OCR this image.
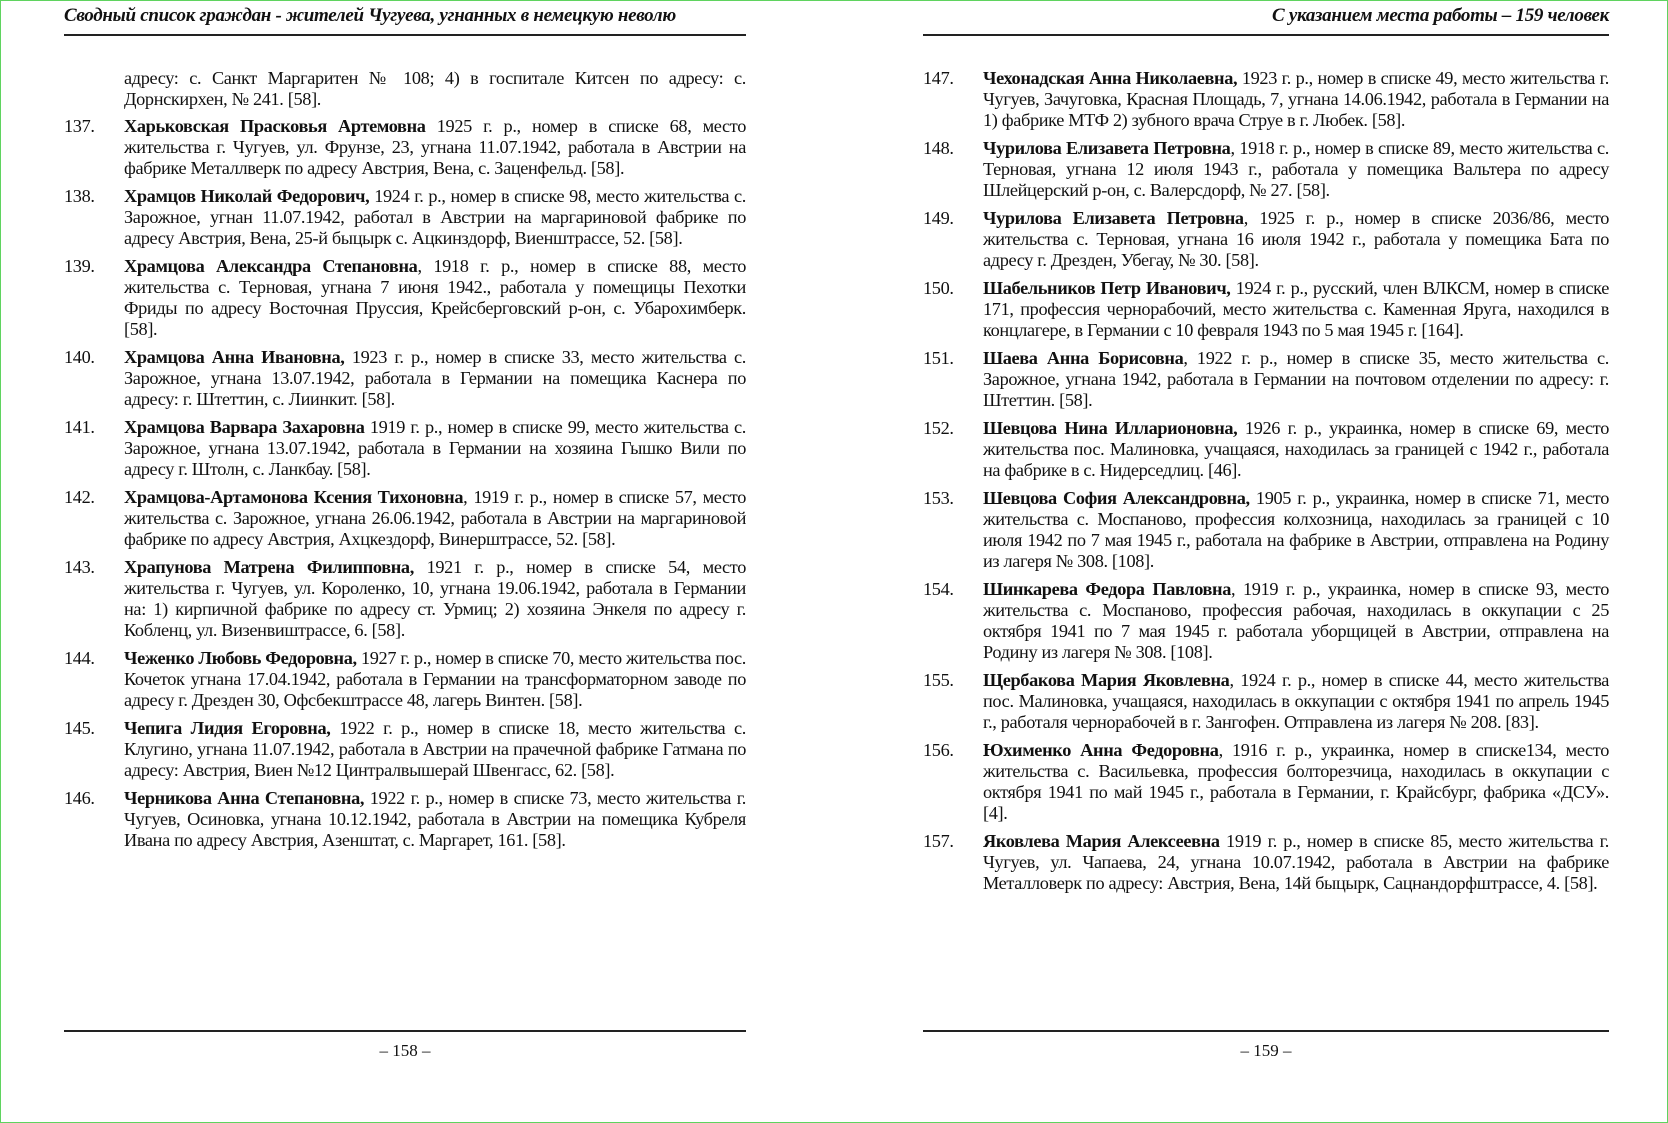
Сводный список граждан - жителей Чугуева, угнанных в немецкую неволю
адресу: с. Санкт Маргаритен № 108; 4) в госпитале Китсен по адресу: с. Дорнскирхен, № 241. [58].
137.	Харьковская Прасковья Артемовна 1925 г. р., номер в списке 68, место жительства г. Чугуев, ул. Фрунзе, 23, угнана 11.07.1942, работала в Австрии на фабрике Металлверк по адресу Австрия, Вена, с. Заценфельд. [58].
138.	Храмцов Николай Федорович, 1924 г. р., номер в списке 98, место жительства с. Зарожное, угнан 11.07.1942, работал в Австрии на маргариновой фабрике по адресу Австрия, Вена, 25-й быцырк с. Ацкинздорф, Виенштрассе, 52. [58].
139.	Храмцова Александра Степановна, 1918 г. р., номер в списке 88, место жительства с. Терновая, угнана 7 июня 1942., работала у помещицы Пехотки Фриды по адресу Восточная Пруссия, Крейсберговский р-он, с. Убарохимберк. [58].
140.	Храмцова Анна Ивановна, 1923 г. р., номер в списке 33, место жительства с. Зарожное, угнана 13.07.1942, работала в Германии на помещика Каснера по адресу: г. Штеттин, с. Лиинкит. [58].
141.	Храмцова Варвара Захаровна 1919 г. р., номер в списке 99, место жительства с. Зарожное, угнана 13.07.1942, работала в Германии на хозяина Гышко Вили по адресу г. Штолн, с. Ланкбау. [58].
142.	Храмцова-Артамонова Ксения Тихоновна, 1919 г. р., номер в списке 57, место жительства с. Зарожное, угнана 26.06.1942, работала в Австрии на маргариновой фабрике по адресу Австрия, Ахцкездорф, Винерштрассе, 52. [58].
143.	Храпунова Матрена Филипповна, 1921 г. р., номер в списке 54, место жительства г. Чугуев, ул. Короленко, 10, угнана 19.06.1942, работала в Германии на: 1) кирпичной фабрике по адресу ст. Урмиц; 2) хозяина Энкеля по адресу г. Кобленц, ул. Визенвиштрассе, 6. [58].
144.	Чеженко Любовь Федоровна, 1927 г. р., номер в списке 70, место жительства пос. Кочеток угнана 17.04.1942, работала в Германии на трансформаторном заводе по адресу г. Дрезден 30, Офсбекштрассе 48, лагерь Винтен. [58].
145.	Чепига Лидия Егоровна, 1922 г. р., номер в списке 18, место жительства с. Клугино, угнана 11.07.1942, работала в Австрии на прачечной фабрике Гатмана по адресу: Австрия, Виен №12 Цинтралвышерай Швенгасс, 62. [58].
146.	Черникова Анна Степановна, 1922 г. р., номер в списке 73, место жительства г. Чугуев, Осиновка, угнана 10.12.1942, работала в Австрии на помещика Кубреля Ивана по адресу Австрия, Азенштат, с. Маргарет, 161. [58].
– 158 –
С указанием места работы – 159 человек
147.	Чехонадская Анна Николаевна, 1923 г. р., номер в списке 49, место жительства г. Чугуев, Зачуговка, Красная Площадь, 7, угнана 14.06.1942, работала в Германии на 1) фабрике МТФ 2) зубного врача Струе в г. Любек. [58].
148.	Чурилова Елизавета Петровна, 1918 г. р., номер в списке 89, место жительства с. Терновая, угнана 12 июля 1943 г., работала у помещика Вальтера по адресу Шлейцерский р-он, с. Валерсдорф, № 27. [58].
149.	Чурилова Елизавета Петровна, 1925 г. р., номер в списке 2036/86, место жительства с. Терновая, угнана 16 июля 1942 г., работала у помещика Бата по адресу г. Дрезден, Убегау, № 30. [58].
150.	Шабельников Петр Иванович, 1924 г. р., русский, член ВЛКСМ, номер в списке 171, профессия чернорабочий, место жительства с. Каменная Яруга, находился в концлагере, в Германии с 10 февраля 1943 по 5 мая 1945 г. [164].
151.	Шаева Анна Борисовна, 1922 г. р., номер в списке 35, место жительства с. Зарожное, угнана 1942, работала в Германии на почтовом отделении по адресу: г. Штеттин. [58].
152.	Шевцова Нина Илларионовна, 1926 г. р., украинка, номер в списке 69, место жительства пос. Малиновка, учащаяся, находилась за границей с 1942 г., работала на фабрике в с. Нидерседлиц. [46].
153.	Шевцова София Александровна, 1905 г. р., украинка, номер в списке 71, место жительства с. Моспаново, профессия колхозница, находилась за границей с 10 июля 1942 по 7 мая 1945 г., работала на фабрике в Австрии, отправлена на Родину из лагеря № 308. [108].
154.	Шинкарева Федора Павловна, 1919 г. р., украинка, номер в списке 93, место жительства с. Моспаново, профессия рабочая, находилась в оккупации с 25 октября 1941 по 7 мая 1945 г. работала уборщицей в Австрии, отправлена на Родину из лагеря № 308. [108].
155.	Щербакова Мария Яковлевна, 1924 г. р., номер в списке 44, место жительства пос. Малиновка, учащаяся, находилась в оккупации с октября 1941 по апрель 1945 г., работаля чернорабочей в г. Зангофен. Отправлена из лагеря № 208. [83].
156.	Юхименко Анна Федоровна, 1916 г. р., украинка, номер в списке134, место жительства с. Васильевка, профессия болторезчица, находилась в оккупации с октября 1941 по май 1945 г., работала в Германии, г. Крайсбург, фабрика «ДСУ». [4].
157.	Яковлева Мария Алексеевна 1919 г. р., номер в списке 85, место жительства г. Чугуев, ул. Чапаева, 24, угнана 10.07.1942, работала в Австрии на фабрике Металловерк по адресу: Австрия, Вена, 14й быцырк, Сацнандорфштрассе, 4. [58].
– 159 –
